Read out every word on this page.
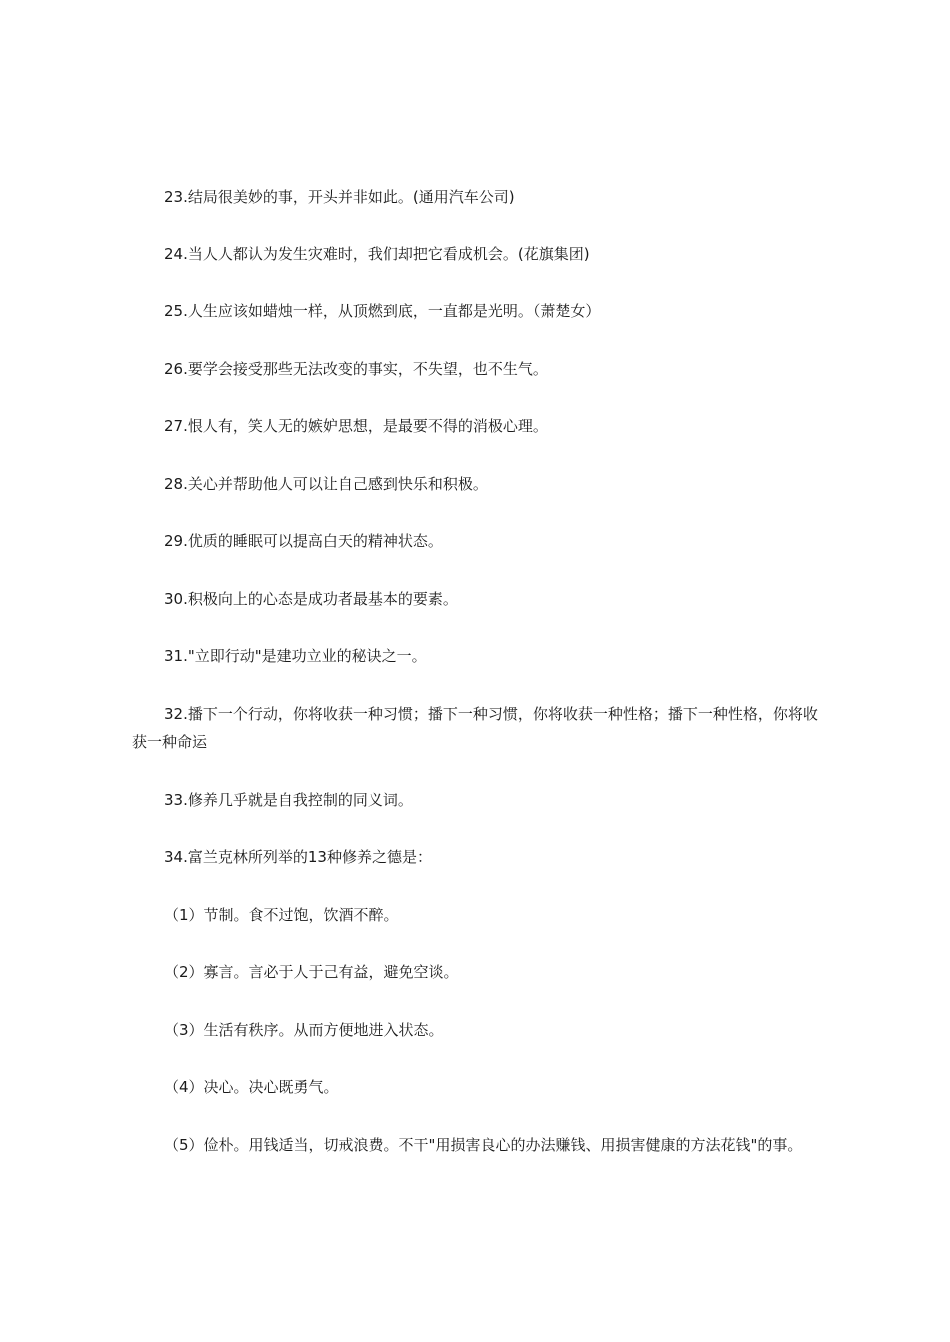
23.结局很美妙的事，开头并非如此。(通用汽车公司)

24.当人人都认为发生灾难时，我们却把它看成机会。(花旗集团)

25.人生应该如蜡烛一样，从顶燃到底，一直都是光明。（萧楚女）

26.要学会接受那些无法改变的事实，不失望，也不生气。

27.恨人有，笑人无的嫉妒思想，是最要不得的消极心理。

28.关心并帮助他人可以让自己感到快乐和积极。

29.优质的睡眠可以提高白天的精神状态。

30.积极向上的心态是成功者最基本的要素。

31."立即行动"是建功立业的秘诀之一。

32.播下一个行动，你将收获一种习惯；播下一种习惯，你将收获一种性格；播下一种性格，你将收获一种命运

33.修养几乎就是自我控制的同义词。

34.富兰克林所列举的13种修养之德是：

（1）节制。食不过饱，饮酒不醉。

（2）寡言。言必于人于己有益，避免空谈。

（3）生活有秩序。从而方便地进入状态。

（4）决心。决心既勇气。

（5）俭朴。用钱适当，切戒浪费。不干"用损害良心的办法赚钱、用损害健康的方法花钱"的事。
